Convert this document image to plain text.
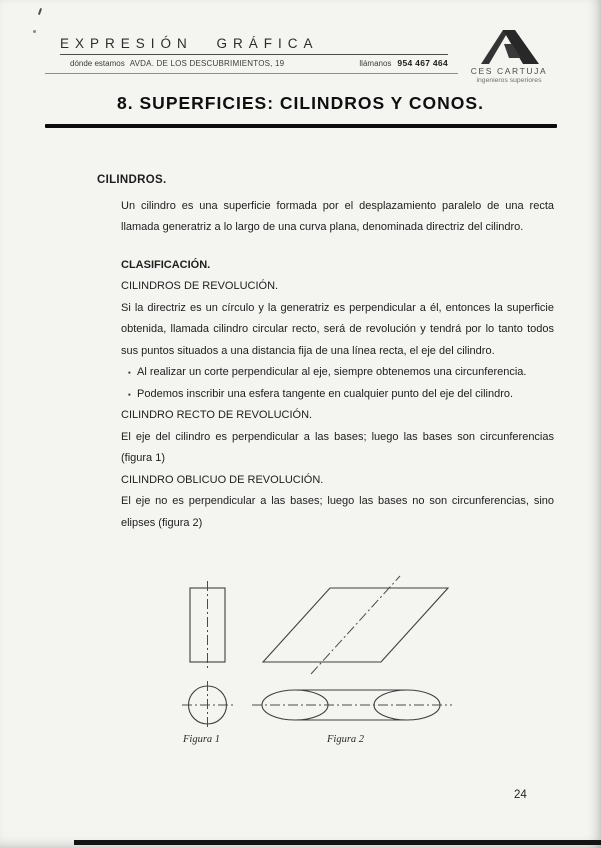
EXPRESIÓN GRÁFICA
dónde estamos AVDA. DE LOS DESCUBRIMIENTOS, 19	llámanos 954 467 464
CES CARTUJA
ingenieros superiores
8. SUPERFICIES: CILINDROS Y CONOS.
CILINDROS.

Un cilindro es una superficie formada por el desplazamiento paralelo de una recta llamada generatriz a lo largo de una curva plana, denominada directriz del cilindro.

CLASIFICACIÓN.
CILINDROS DE REVOLUCIÓN.

Si la directriz es un círculo y la generatriz es perpendicular a él, entonces la superficie obtenida, llamada cilindro circular recto, será de revolución y tendrá por lo tanto todos sus puntos situados a una distancia fija de una línea recta, el eje del cilindro.

▪ Al realizar un corte perpendicular al eje, siempre obtenemos una circunferencia.
▪ Podemos inscribir una esfera tangente en cualquier punto del eje del cilindro.
CILINDRO RECTO DE REVOLUCIÓN.

El eje del cilindro es perpendicular a las bases; luego las bases son circunferencias (figura 1)

CILINDRO OBLICUO DE REVOLUCIÓN.

El eje no es perpendicular a las bases; luego las bases no son circunferencias, sino elipses (figura 2)

Figura 1	Figura 2
24
